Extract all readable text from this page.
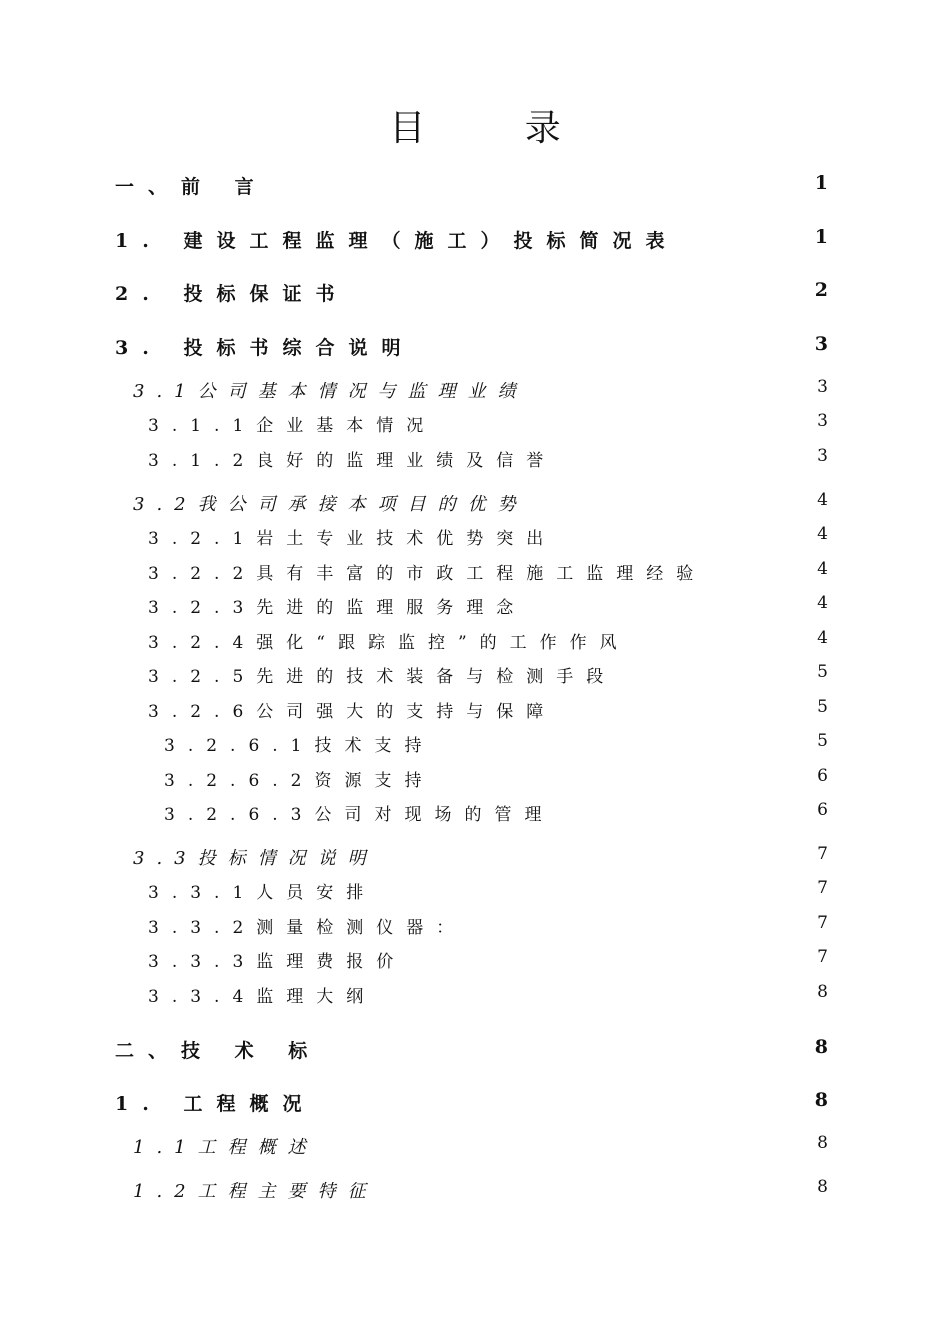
目 录
一、前 言	1
1. 建设工程监理（施工）投标简况表	1
2. 投标保证书	2
3. 投标书综合说明	3
3.1公司基本情况与监理业绩	3
3.1.1企业基本情况	3
3.1.2良好的监理业绩及信誉	3
3.2我公司承接本项目的优势	4
3.2.1岩土专业技术优势突出	4
3.2.2具有丰富的市政工程施工监理经验	4
3.2.3先进的监理服务理念	4
3.2.4强化“跟踪监控”的工作作风	4
3.2.5先进的技术装备与检测手段	5
3.2.6公司强大的支持与保障	5
3.2.6.1技术支持	5
3.2.6.2资源支持	6
3.2.6.3公司对现场的管理	6
3.3投标情况说明	7
3.3.1人员安排	7
3.3.2测量检测仪器：	7
3.3.3监理费报价	7
3.3.4监理大纲	8
二、技 术 标	8
1. 工程概况	8
1.1工程概述	8
1.2工程主要特征	8
